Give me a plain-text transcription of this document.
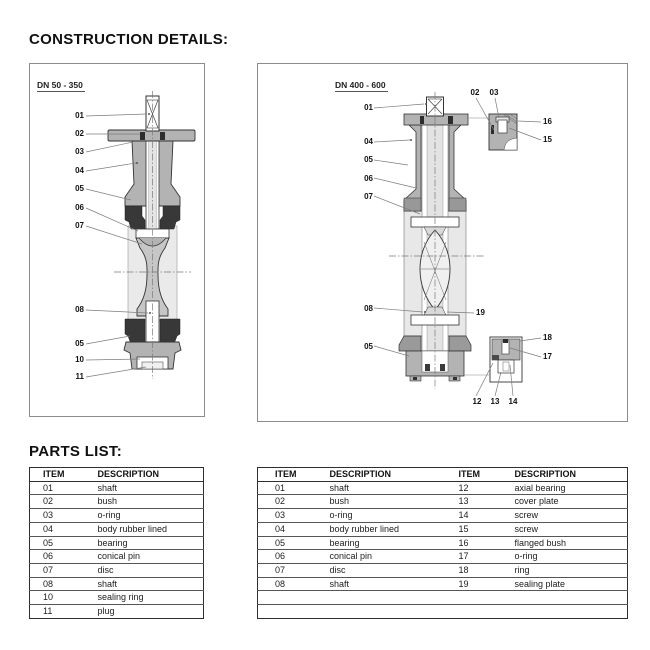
CONSTRUCTION DETAILS:
DN 50 - 350
01
02
03
04
05
06
07
08
05
10
11
DN 400 - 600
01
04
05
06
07
08
05
02	03
16
15
19
18
17
12	13	14
PARTS LIST:
ITEM	DESCRIPTION
01	shaft
02	bush
03	o-ring
04	body rubber lined
05	bearing
06	conical pin
07	disc
08	shaft
10	sealing ring
11	plug
ITEM	DESCRIPTION	ITEM	DESCRIPTION
01	shaft	12	axial bearing
02	bush	13	cover plate
03	o-ring	14	screw
04	body rubber lined	15	screw
05	bearing	16	flanged bush
06	conical pin	17	o-ring
07	disc	18	ring
08	shaft	19	sealing plate
